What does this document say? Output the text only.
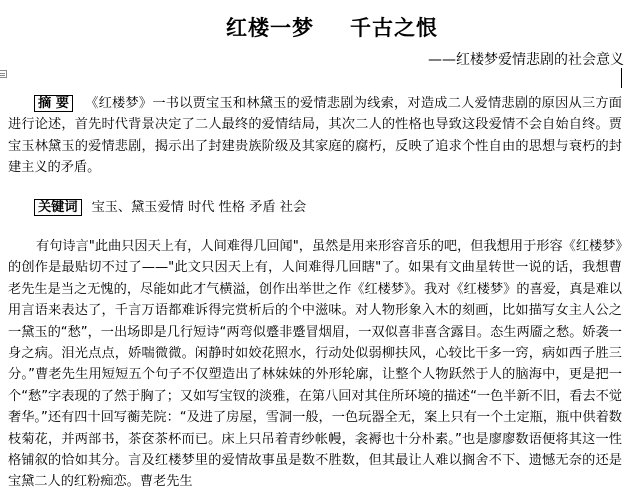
红楼一梦 千古之恨
——红楼梦爱情悲剧的社会意义
摘 要 《红楼梦》一书以贾宝玉和林黛玉的爱情悲剧为线索，对造成二人爱情悲剧的原因从三方面进行论述，首先时代背景决定了二人最终的爱情结局，其次二人的性格也导致这段爱情不会自始自终。贾宝玉林黛玉的爱情悲剧，揭示出了封建贵族阶级及其家庭的腐朽，反映了追求个性自由的思想与衰朽的封建主义的矛盾。
关键词 宝玉、黛玉爱情 时代 性格 矛盾 社会
有句诗言"此曲只因天上有，人间难得几回闻"，虽然是用来形容音乐的吧，但我想用于形容《红楼梦》的创作是最贴切不过了——"此文只因天上有，人间难得几回瞎"了。如果有文曲星转世一说的话，我想曹老先生是当之无愧的，尽能如此才气横溢，创作出举世之作《红楼梦》。我对《红楼梦》的喜爱，真是难以用言语来表达了，千言万语都难诉得完赏析后的个中滋味。对人物形象入木的刻画，比如描写女主人公之一黛玉的“愁”，一出场即是几行短诗“两弯似蹙非蹙冒烟眉，一双似喜非喜含露目。态生两靥之愁。娇袭一身之病。泪光点点，娇喘微微。闲静时如姣花照水，行动处似弱柳扶风，心较比干多一窍，病如西子胜三分。”曹老先生用短短五个句子不仅塑造出了林妹妹的外形轮廓，让整个人物跃然于人的脑海中，更是把一个“愁”字表现的了然于胸了；又如写宝钗的淡雅，在第八回对其住所环境的描述“一色半新不旧，看去不觉奢华。”还有四十回写蘅芜院：“及进了房屋，雪洞一般，一色玩器全无，案上只有一个土定瓶，瓶中供着数枝菊花，并两部书，茶奁茶杯而已。床上只吊着青纱帐幔，衾褥也十分朴素。”也是廖廖数语便将其这一性格铺叙的恰如其分。言及红楼梦里的爱情故事虽是数不胜数，但其最让人难以搁舍不下、遗憾无奈的还是宝黛二人的红粉痴恋。曹老先生
